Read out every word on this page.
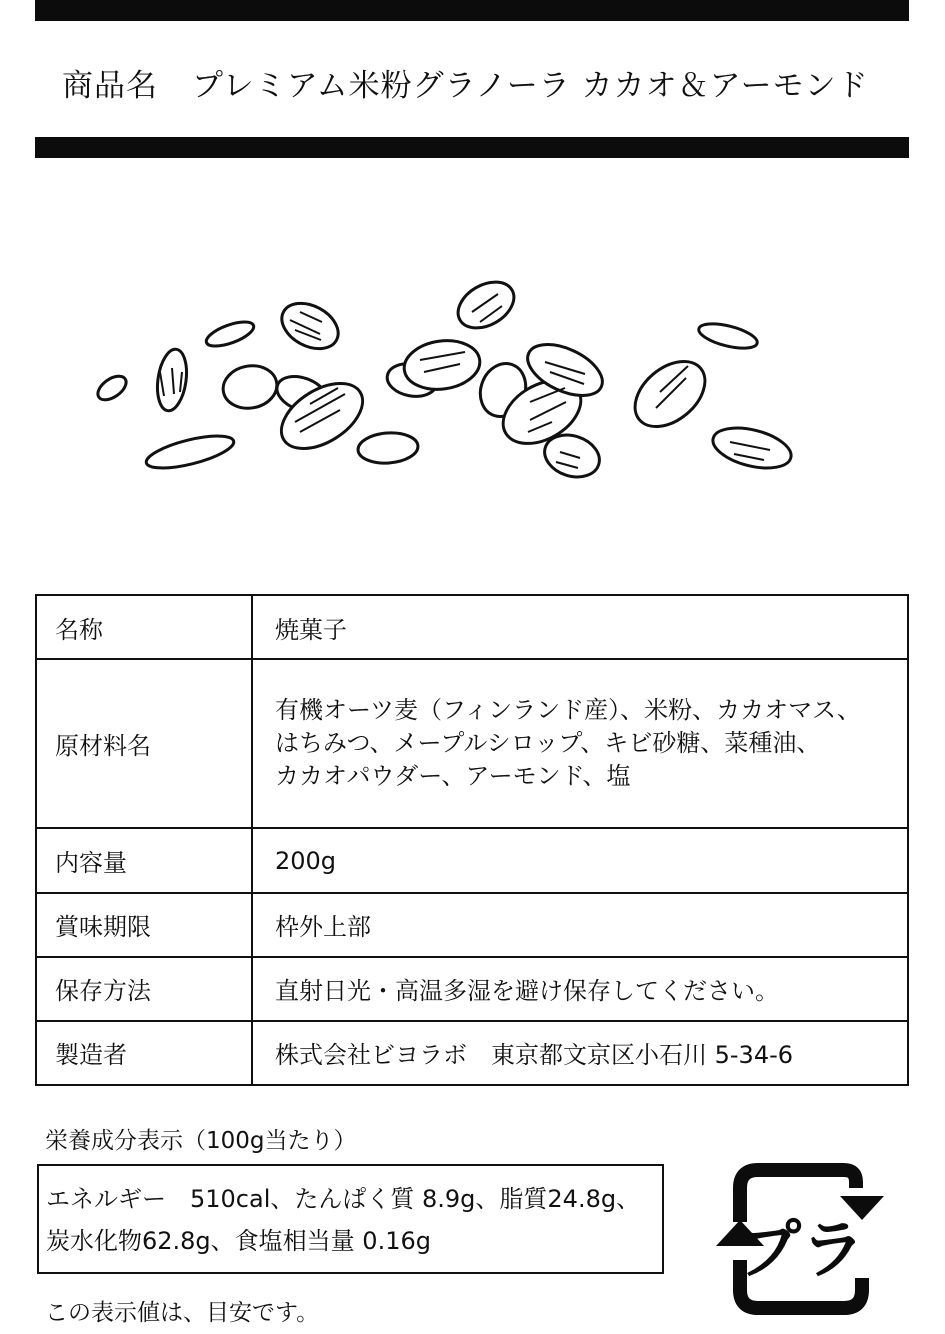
商品名 プレミアム米粉グラノーラ カカオ＆アーモンド
名称	焼菓子
原材料名	有機オーツ麦（フィンランド産）、米粉、カカオマス、
はちみつ、メープルシロップ、キビ砂糖、菜種油、
カカオパウダー、アーモンド、塩

内容量	200g
賞味期限	枠外上部
保存方法	直射日光・高温多湿を避け保存してください。
製造者	株式会社ビヨラボ　東京都文京区小石川 5-34-6
栄養成分表示（100g当たり）
エネルギー　510cal、たんぱく質 8.9g、脂質24.8g、
炭水化物62.8g、食塩相当量 0.16g
この表示値は、目安です。
プラ
